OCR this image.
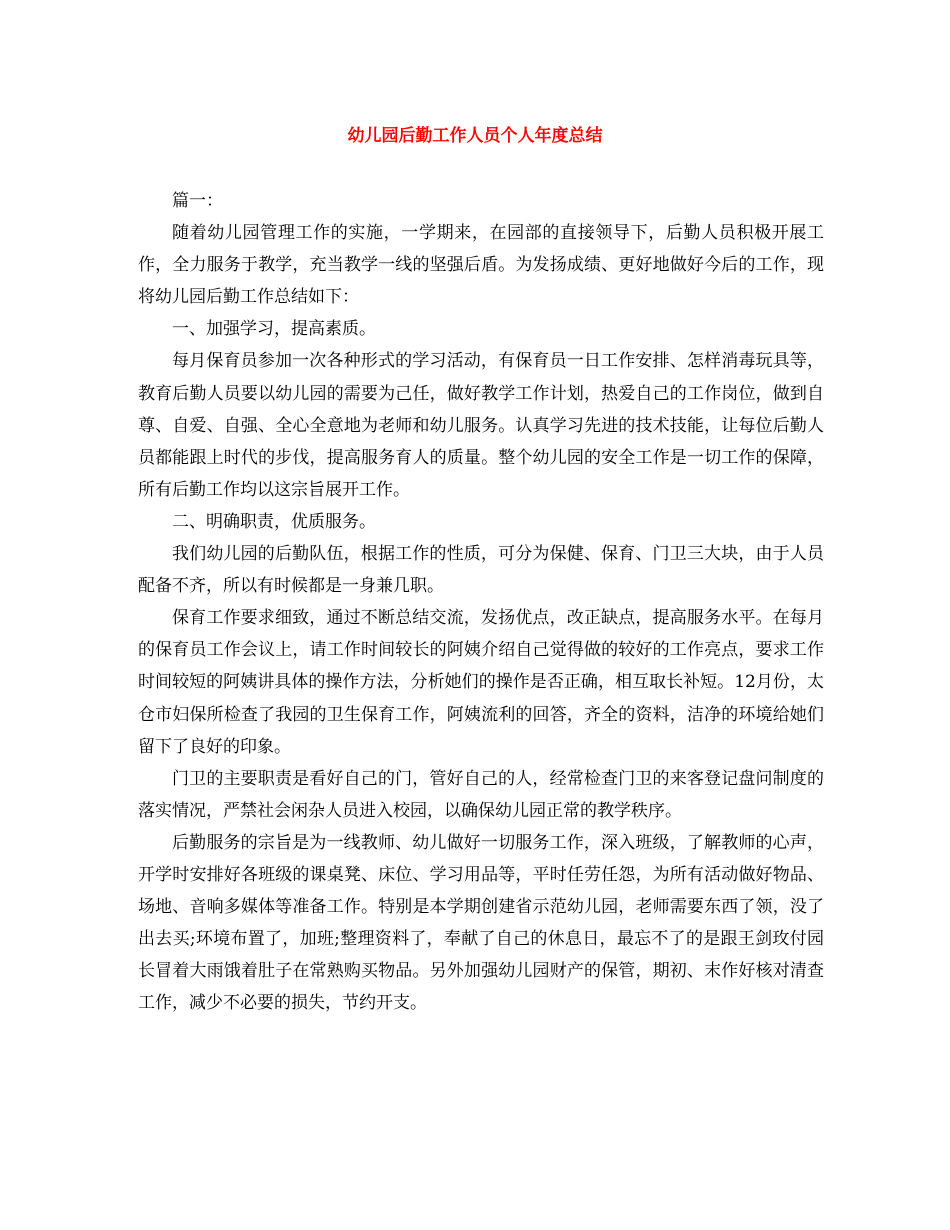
幼儿园后勤工作人员个人年度总结

篇一：

随着幼儿园管理工作的实施，一学期来，在园部的直接领导下，后勤人员积极开展工作，全力服务于教学，充当教学一线的坚强后盾。为发扬成绩、更好地做好今后的工作，现将幼儿园后勤工作总结如下：

一、加强学习，提高素质。

每月保育员参加一次各种形式的学习活动，有保育员一日工作安排、怎样消毒玩具等，教育后勤人员要以幼儿园的需要为己任，做好教学工作计划，热爱自己的工作岗位，做到自尊、自爱、自强、全心全意地为老师和幼儿服务。认真学习先进的技术技能，让每位后勤人员都能跟上时代的步伐，提高服务育人的质量。整个幼儿园的安全工作是一切工作的保障，所有后勤工作均以这宗旨展开工作。

二、明确职责，优质服务。

我们幼儿园的后勤队伍，根据工作的性质，可分为保健、保育、门卫三大块，由于人员配备不齐，所以有时候都是一身兼几职。

保育工作要求细致，通过不断总结交流，发扬优点，改正缺点，提高服务水平。在每月的保育员工作会议上，请工作时间较长的阿姨介绍自己觉得做的较好的工作亮点，要求工作时间较短的阿姨讲具体的操作方法，分析她们的操作是否正确，相互取长补短。12月份，太仓市妇保所检查了我园的卫生保育工作，阿姨流利的回答，齐全的资料，洁净的环境给她们留下了良好的印象。

门卫的主要职责是看好自己的门，管好自己的人，经常检查门卫的来客登记盘问制度的落实情况，严禁社会闲杂人员进入校园，以确保幼儿园正常的教学秩序。

后勤服务的宗旨是为一线教师、幼儿做好一切服务工作，深入班级，了解教师的心声，开学时安排好各班级的课桌凳、床位、学习用品等，平时任劳任怨，为所有活动做好物品、场地、音响多媒体等准备工作。特别是本学期创建省示范幼儿园，老师需要东西了领，没了出去买;环境布置了，加班;整理资料了，奉献了自己的休息日，最忘不了的是跟王剑玫付园长冒着大雨饿着肚子在常熟购买物品。另外加强幼儿园财产的保管，期初、末作好核对清查工作，减少不必要的损失，节约开支。
